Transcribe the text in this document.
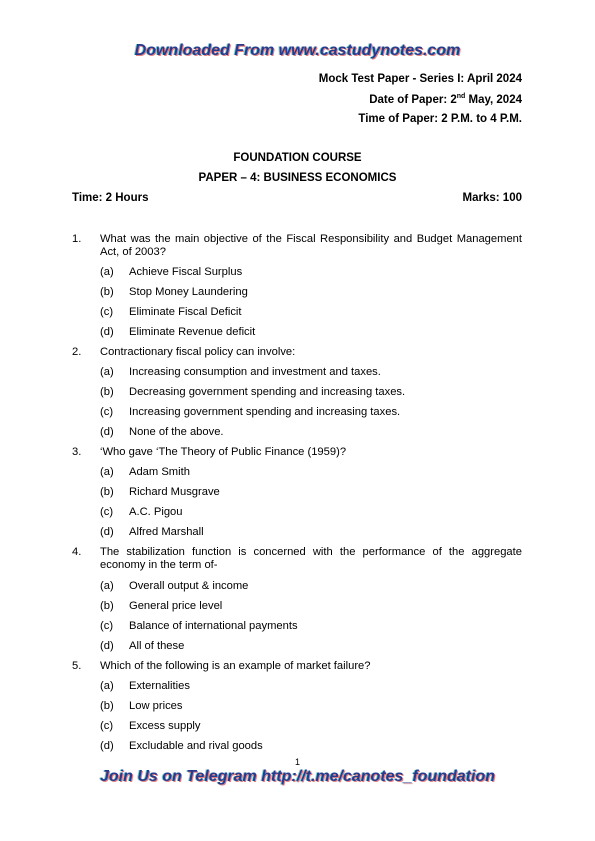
Downloaded From www.castudynotes.com
Mock Test Paper - Series I: April 2024
Date of Paper: 2nd May, 2024
Time of Paper: 2 P.M. to 4 P.M.
FOUNDATION COURSE
PAPER – 4: BUSINESS ECONOMICS
Time: 2 Hours	Marks: 100
1. What was the main objective of the Fiscal Responsibility and Budget Management Act, of 2003?
(a) Achieve Fiscal Surplus
(b) Stop Money Laundering
(c) Eliminate Fiscal Deficit
(d) Eliminate Revenue deficit
2. Contractionary fiscal policy can involve:
(a) Increasing consumption and investment and taxes.
(b) Decreasing government spending and increasing taxes.
(c) Increasing government spending and increasing taxes.
(d) None of the above.
3. ‘Who gave ‘The Theory of Public Finance (1959)?
(a) Adam Smith
(b) Richard Musgrave
(c) A.C. Pigou
(d) Alfred Marshall
4. The stabilization function is concerned with the performance of the aggregate economy in the term of-
(a) Overall output & income
(b) General price level
(c) Balance of international payments
(d) All of these
5. Which of the following is an example of market failure?
(a) Externalities
(b) Low prices
(c) Excess supply
(d) Excludable and rival goods
1
Join Us on Telegram http://t.me/canotes_foundation
